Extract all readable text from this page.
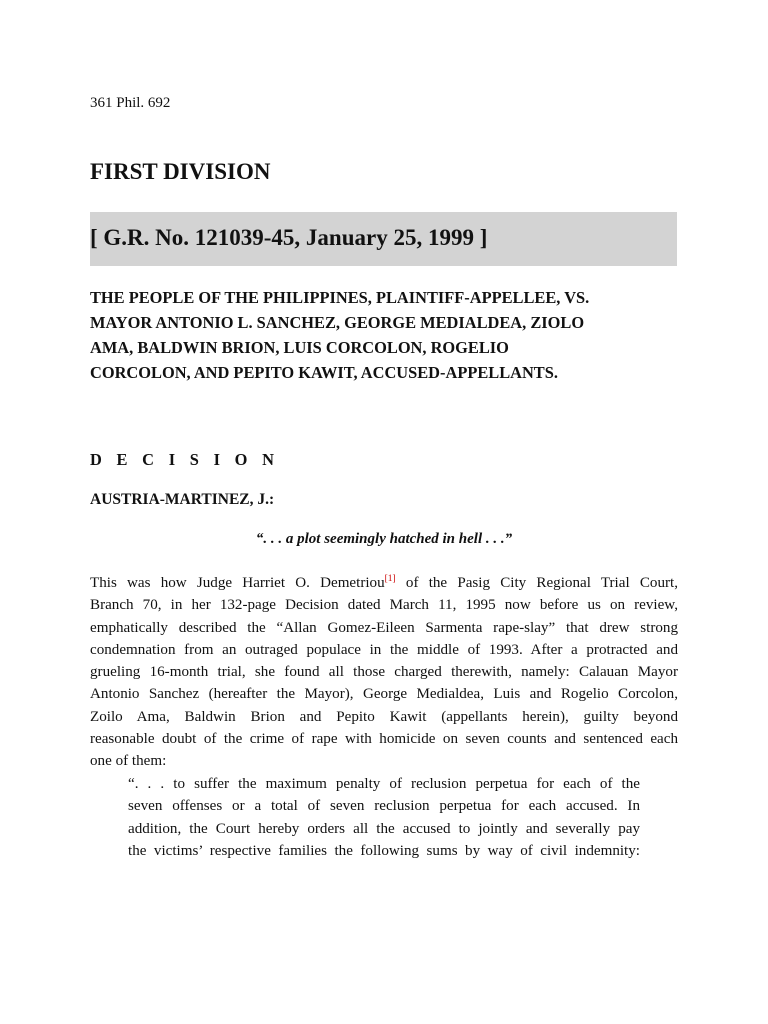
361 Phil. 692
FIRST DIVISION
[ G.R. No. 121039-45, January 25, 1999 ]
THE PEOPLE OF THE PHILIPPINES, PLAINTIFF-APPELLEE, VS.
MAYOR ANTONIO L. SANCHEZ, GEORGE MEDIALDEA, ZIOLO
AMA, BALDWIN BRION, LUIS CORCOLON, ROGELIO
CORCOLON, AND PEPITO KAWIT, ACCUSED-APPELLANTS.
D E C I S I O N
AUSTRIA-MARTINEZ, J.:
“. . . a plot seemingly hatched in hell . . .”
This was how Judge Harriet O. Demetriou[1] of the Pasig City Regional Trial Court,
Branch 70, in her 132-page Decision dated March 11, 1995 now before us on review,
emphatically described the “Allan Gomez-Eileen Sarmenta rape-slay” that drew strong
condemnation from an outraged populace in the middle of 1993. After a protracted and
grueling 16-month trial, she found all those charged therewith, namely: Calauan Mayor
Antonio Sanchez (hereafter the Mayor), George Medialdea, Luis and Rogelio Corcolon,
Zoilo Ama, Baldwin Brion and Pepito Kawit (appellants herein), guilty beyond
reasonable doubt of the crime of rape with homicide on seven counts and sentenced each
one of them:
“. . . to suffer the maximum penalty of reclusion perpetua for each of the
seven offenses or a total of seven reclusion perpetua for each accused. In
addition, the Court hereby orders all the accused to jointly and severally pay
the victims’ respective families the following sums by way of civil indemnity:
